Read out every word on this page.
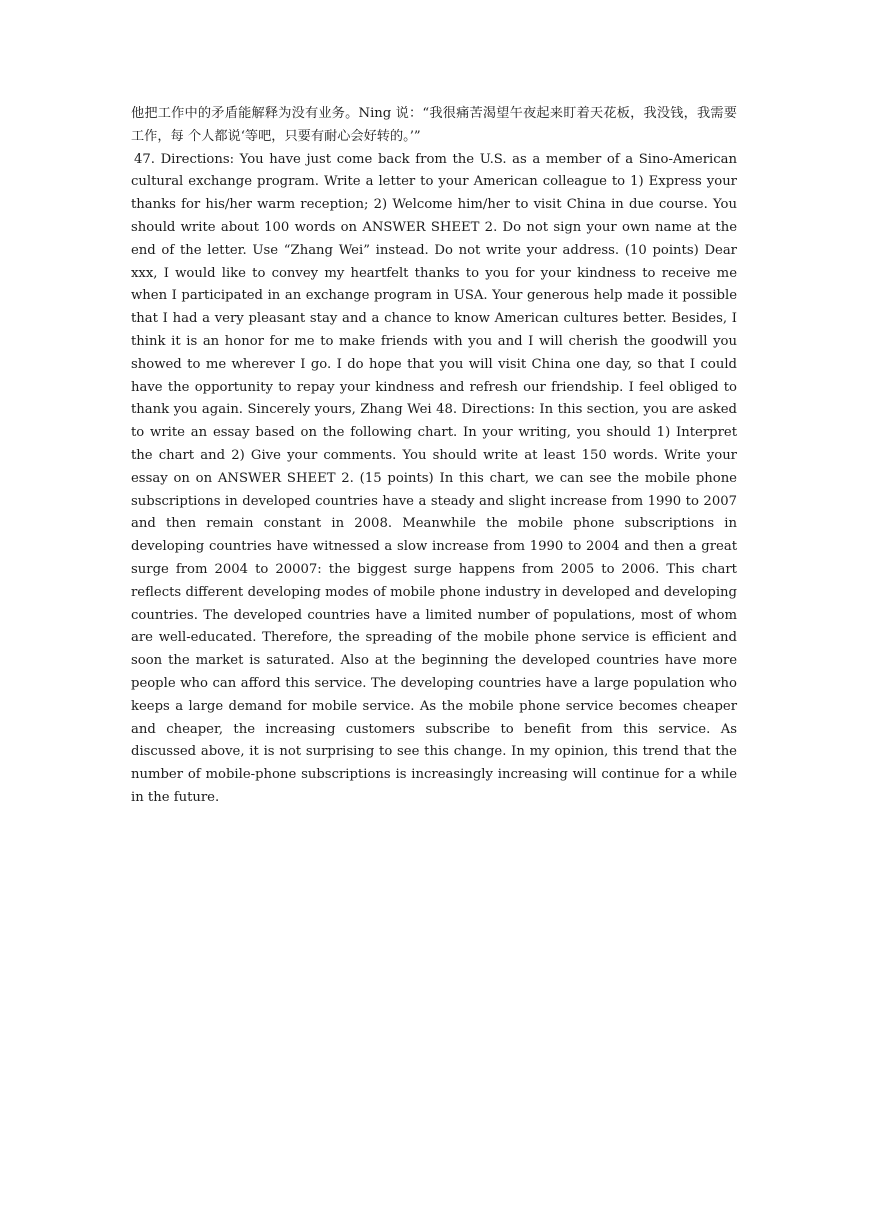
他把工作中的矛盾能解释为没有业务。Ning 说：“我很痛苦渴望午夜起来盯着天花板，我没钱，我需要工作，每 个人都说‘等吧，只要有耐心会好转的。’”

47. Directions: You have just come back from the U.S. as a member of a Sino-American cultural exchange program. Write a letter to your American colleague to 1) Express your thanks for his/her warm reception; 2) Welcome him/her to visit China in due course. You should write about 100 words on ANSWER SHEET 2. Do not sign your own name at the end of the letter. Use “Zhang Wei” instead. Do not write your address. (10 points) Dear xxx, I would like to convey my heartfelt thanks to you for your kindness to receive me when I participated in an exchange program in USA. Your generous help made it possible that I had a very pleasant stay and a chance to know American cultures better. Besides, I think it is an honor for me to make friends with you and I will cherish the goodwill you showed to me wherever I go. I do hope that you will visit China one day, so that I could have the opportunity to repay your kindness and refresh our friendship. I feel obliged to thank you again. Sincerely yours, Zhang Wei 48. Directions: In this section, you are asked to write an essay based on the following chart. In your writing, you should 1) Interpret the chart and 2) Give your comments. You should write at least 150 words. Write your essay on on ANSWER SHEET 2. (15 points) In this chart, we can see the mobile phone subscriptions in developed countries have a steady and slight increase from 1990 to 2007 and then remain constant in 2008. Meanwhile the mobile phone subscriptions in developing countries have witnessed a slow increase from 1990 to 2004 and then a great surge from 2004 to 20007: the biggest surge happens from 2005 to 2006. This chart reflects different developing modes of mobile phone industry in developed and developing countries. The developed countries have a limited number of populations, most of whom are well-educated. Therefore, the spreading of the mobile phone service is efficient and soon the market is saturated. Also at the beginning the developed countries have more people who can afford this service. The developing countries have a large population who keeps a large demand for mobile service. As the mobile phone service becomes cheaper and cheaper, the increasing customers subscribe to benefit from this service. As discussed above, it is not surprising to see this change. In my opinion, this trend that the number of mobile-phone subscriptions is increasingly increasing will continue for a while in the future.
